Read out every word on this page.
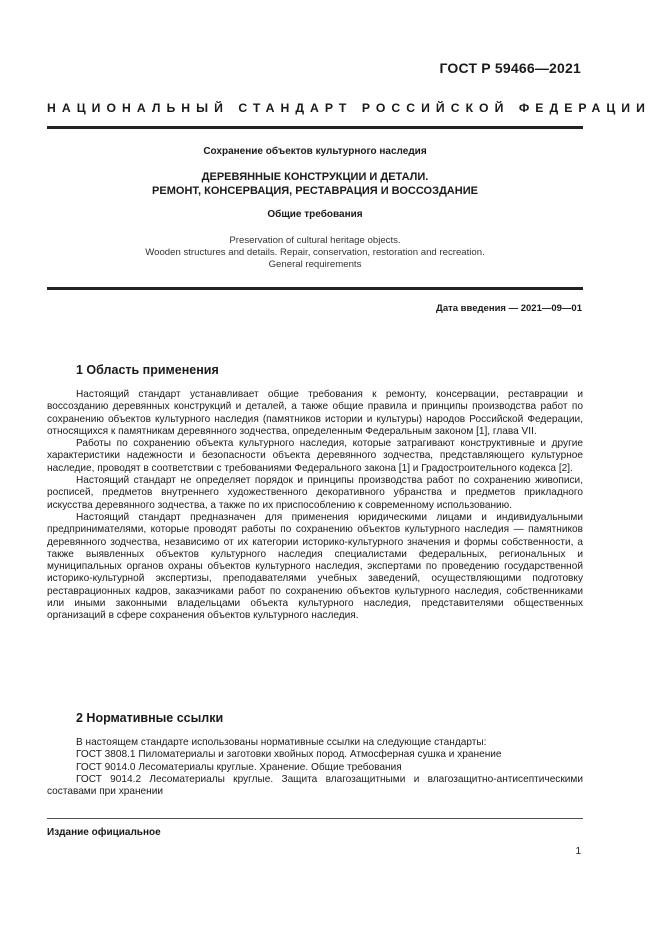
ГОСТ Р 59466—2021
НАЦИОНАЛЬНЫЙ СТАНДАРТ РОССИЙСКОЙ ФЕДЕРАЦИИ
Сохранение объектов культурного наследия
ДЕРЕВЯННЫЕ КОНСТРУКЦИИ И ДЕТАЛИ.
РЕМОНТ, КОНСЕРВАЦИЯ, РЕСТАВРАЦИЯ И ВОССОЗДАНИЕ
Общие требования
Preservation of cultural heritage objects.
Wooden structures and details. Repair, conservation, restoration and recreation.
General requirements
Дата введения — 2021—09—01
1 Область применения

Настоящий стандарт устанавливает общие требования к ремонту, консервации, реставрации и воссозданию деревянных конструкций и деталей, а также общие правила и принципы производства работ по сохранению объектов культурного наследия (памятников истории и культуры) народов Российской Федерации, относящихся к памятникам деревянного зодчества, определенным Федеральным законом [1], глава VII.

Работы по сохранению объекта культурного наследия, которые затрагивают конструктивные и другие характеристики надежности и безопасности объекта деревянного зодчества, представляющего культурное наследие, проводят в соответствии с требованиями Федерального закона [1] и Градостроительного кодекса [2].

Настоящий стандарт не определяет порядок и принципы производства работ по сохранению живописи, росписей, предметов внутреннего художественного декоративного убранства и предметов прикладного искусства деревянного зодчества, а также по их приспособлению к современному использованию.

Настоящий стандарт предназначен для применения юридическими лицами и индивидуальными предпринимателями, которые проводят работы по сохранению объектов культурного наследия — памятников деревянного зодчества, независимо от их категории историко-культурного значения и формы собственности, а также выявленных объектов культурного наследия специалистами федеральных, региональных и муниципальных органов охраны объектов культурного наследия, экспертами по проведению государственной историко-культурной экспертизы, преподавателями учебных заведений, осуществляющими подготовку реставрационных кадров, заказчиками работ по сохранению объектов культурного наследия, собственниками или иными законными владельцами объекта культурного наследия, представителями общественных организаций в сфере сохранения объектов культурного наследия.

2 Нормативные ссылки

В настоящем стандарте использованы нормативные ссылки на следующие стандарты:

ГОСТ 3808.1 Пиломатериалы и заготовки хвойных пород. Атмосферная сушка и хранение

ГОСТ 9014.0 Лесоматериалы круглые. Хранение. Общие требования

ГОСТ 9014.2 Лесоматериалы круглые. Защита влагозащитными и влагозащитно-антисептическими составами при хранении

Издание официальное
1
